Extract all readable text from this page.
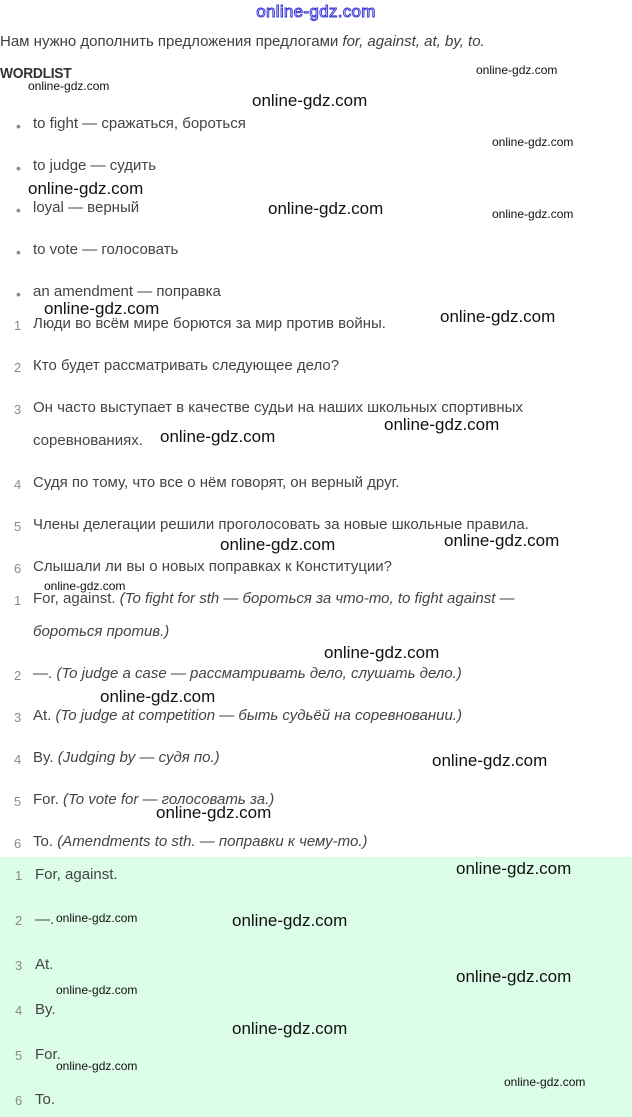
online-gdz.com
Нам нужно дополнить предложения предлогами for, against, at, by, to.
WORDLIST
• to fight — сражаться, бороться
• to judge — судить
• loyal — верный
• to vote — голосовать
• an amendment — поправка
1 Люди во всём мире борются за мир против войны.
2 Кто будет рассматривать следующее дело?
3 Он часто выступает в качестве судьи на наших школьных спортивных
соревнованиях.
4 Судя по тому, что все о нём говорят, он верный друг.
5 Члены делегации решили проголосовать за новые школьные правила.
6 Слышали ли вы о новых поправках к Конституции?
1 For, against. (To fight for sth — бороться за что-то, to fight against —
бороться против.)
2 —. (To judge a case — рассматривать дело, слушать дело.)
3 At. (To judge at competition — быть судьёй на соревновании.)
4 By. (Judging by — судя по.)
5 For. (To vote for — голосовать за.)
6 To. (Amendments to sth. — поправки к чему-то.)
1 For, against.
2 —.
3 At.
4 By.
5 For.
6 To.
online-gdz.com
online-gdz.com
online-gdz.com
online-gdz.com
online-gdz.com
online-gdz.com	online-gdz.com
online-gdz.com	online-gdz.com
online-gdz.com
online-gdz.com
online-gdz.com
online-gdz.com
online-gdz.com
online-gdz.com
online-gdz.com
online-gdz.com
online-gdz.com
online-gdz.com
online-gdz.com	online-gdz.com
online-gdz.com
online-gdz.com
online-gdz.com
online-gdz.com
online-gdz.com
